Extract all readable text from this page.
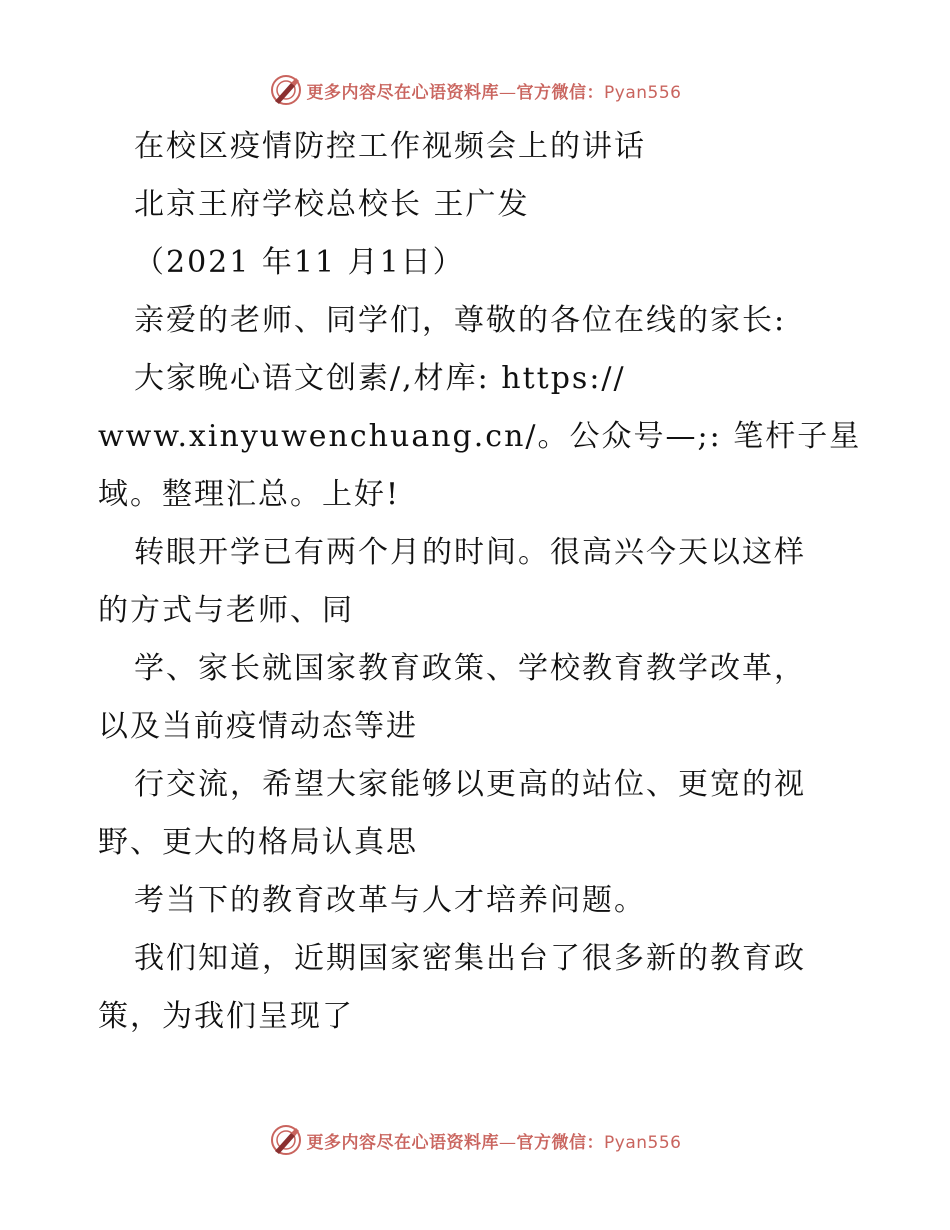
更多内容尽在心语资料库—官方微信：Pyan556
在校区疫情防控工作视频会上的讲话
北京王府学校总校长 王广发
（2021 年11 月1日）
亲爱的老师、同学们，尊敬的各位在线的家长:
大家晚心语文创素/,材库: https://
www.xinyuwenchuang.cn/。公众号—;: 笔杆子星
域。整理汇总。上好!
转眼开学已有两个月的时间。很高兴今天以这样
的方式与老师、同
学、家长就国家教育政策、学校教育教学改革，
以及当前疫情动态等进
行交流，希望大家能够以更高的站位、更宽的视
野、更大的格局认真思
考当下的教育改革与人才培养问题。
我们知道，近期国家密集出台了很多新的教育政
策，为我们呈现了
更多内容尽在心语资料库—官方微信：Pyan556
